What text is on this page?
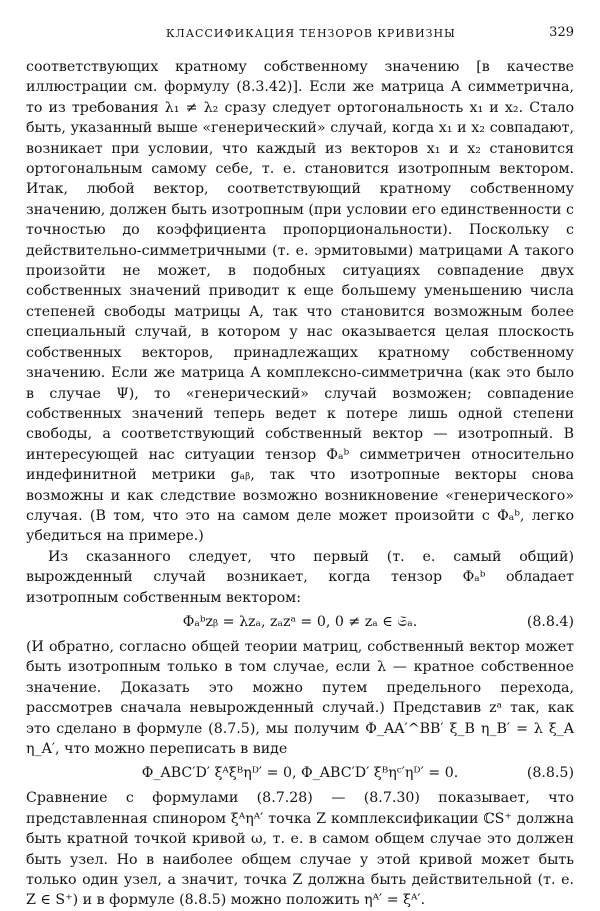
КЛАССИФИКАЦИЯ ТЕНЗОРОВ КРИВИЗНЫ	329

соответствующих кратному собственному значению [в качестве иллюстрации см. формулу (8.3.42)]. Если же матрица A симметрична, то из требования λ₁ ≠ λ₂ сразу следует ортогональность x₁ и x₂. Стало быть, указанный выше «генерический» случай, когда x₁ и x₂ совпадают, возникает при условии, что каждый из векторов x₁ и x₂ становится ортогональным самому себе, т. е. становится изотропным вектором. Итак, любой вектор, соответствующий кратному собственному значению, должен быть изотропным (при условии его единственности с точностью до коэффициента пропорциональности). Поскольку с действительно-симметричными (т. е. эрмитовыми) матрицами A такого произойти не может, в подобных ситуациях совпадение двух собственных значений приводит к еще большему уменьшению числа степеней свободы матрицы A, так что становится возможным более специальный случай, в котором у нас оказывается целая плоскость собственных векторов, принадлежащих кратному собственному значению. Если же матрица A комплексно-симметрична (как это было в случае Ψ), то «генерический» случай возможен; совпадение собственных значений теперь ведет к потере лишь одной степени свободы, а соответствующий собственный вектор — изотропный. В интересующей нас ситуации тензор Φₐᵇ симметричен относительно индефинитной метрики gₐᵦ, так что изотропные векторы снова возможны и как следствие возможно возникновение «генерического» случая. (В том, что это на самом деле может произойти с Φₐᵇ, легко убедиться на примере.)

Из сказанного следует, что первый (т. е. самый общий) вырожденный случай возникает, когда тензор Φₐᵇ обладает изотропным собственным вектором:

Φₐᵇzᵦ = λzₐ, zₐzᵃ = 0, 0 ≠ zₐ ∈ 𝔖ₐ.	(8.8.4)

(И обратно, согласно общей теории матриц, собственный вектор может быть изотропным только в том случае, если λ — кратное собственное значение. Доказать это можно путем предельного перехода, рассмотрев сначала невырожденный случай.) Представив zᵃ так, как это сделано в формуле (8.7.5), мы получим Φ_AA′^BB′ ξ_B η_B′ = λ ξ_A η_A′, что можно переписать в виде

Φ_ABC′D′ ξᴬξᴮηᴰ′ = 0, Φ_ABC′D′ ξᴮηᶜ′ηᴰ′ = 0.	(8.8.5)

Сравнение с формулами (8.7.28) — (8.7.30) показывает, что представленная спинором ξᴬηᴬ′ точка Z комплексификации ℂS⁺ должна быть кратной точкой кривой ω, т. е. в самом общем случае это должен быть узел. Но в наиболее общем случае у этой кривой может быть только один узел, а значит, точка Z должна быть действительной (т. е. Z ∈ S⁺) и в формуле (8.8.5) можно положить ηᴬ′ = ξ̄ᴬ′.
